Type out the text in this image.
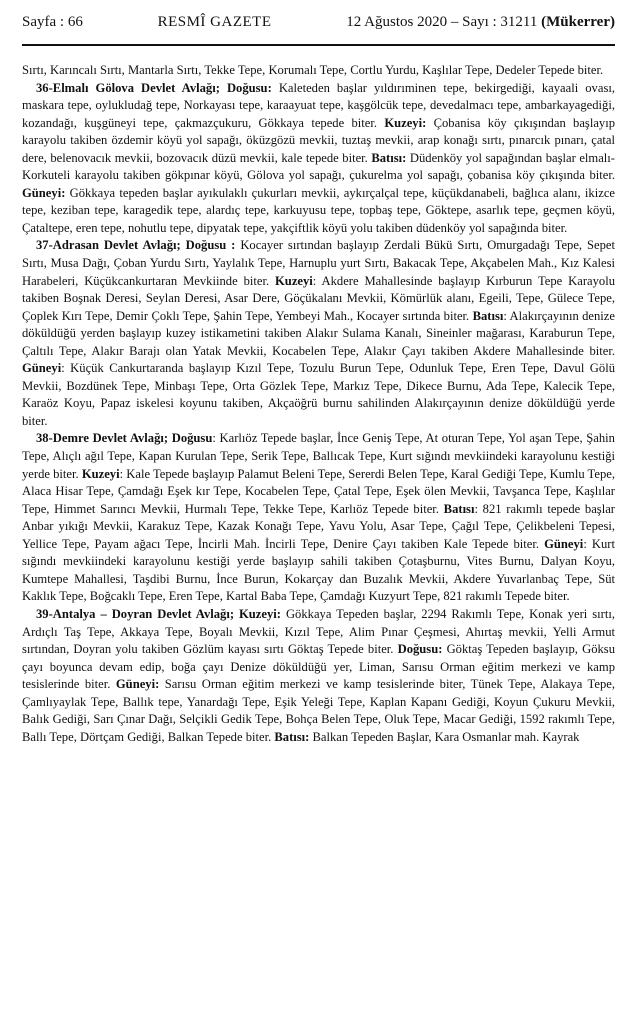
Sayfa : 66	RESMÎ GAZETE	12 Ağustos 2020 – Sayı : 31211 (Mükerrer)

Sırtı, Karıncalı Sırtı, Mantarla Sırtı, Tekke Tepe, Korumalı Tepe, Cortlu Yurdu, Kaşlılar Tepe, Dedeler Tepede biter.

36-Elmalı Gölova Devlet Avlağı; Doğusu: Kaleteden başlar yıldırıminen tepe, bekirgediği, kayaali ovası, maskara tepe, oylukludağ tepe, Norkayası tepe, karaayuat tepe, kaşgölcük tepe, devedalmacı tepe, ambarkayagediği, kozandağı, kuşgüneyi tepe, çakmazçukuru, Gökkaya tepede biter. Kuzeyi: Çobanisa köy çıkışından başlayıp karayolu takiben özdemir köyü yol sapağı, öküzgözü mevkii, tuztaş mevkii, arap konağı sırtı, pınarcık pınarı, çatal dere, belenovacık mevkii, bozovacık düzü mevkii, kale tepede biter. Batısı: Düdenköy yol sapağından başlar elmalı- Korkuteli karayolu takiben gökpınar köyü, Gölova yol sapağı, çukurelma yol sapağı, çobanisa köy çıkışında biter. Güneyi: Gökkaya tepeden başlar ayıkulaklı çukurları mevkii, aykırçalçal tepe, küçükdanabeli, bağlıca alanı, ikizce tepe, keziban tepe, karagedik tepe, alardıç tepe, karkuyusu tepe, topbaş tepe, Göktepe, asarlık tepe, geçmen köyü, Çataltepe, eren tepe, nohutlu tepe, dipyatak tepe, yakçiftlik köyü yolu takiben düdenköy yol sapağında biter.

37-Adrasan Devlet Avlağı; Doğusu : Kocayer sırtından başlayıp Zerdali Bükü Sırtı, Omurgadağı Tepe, Sepet Sırtı, Musa Dağı, Çoban Yurdu Sırtı, Yaylalık Tepe, Harnuplu yurt Sırtı, Bakacak Tepe, Akçabelen Mah., Kız Kalesi Harabeleri, Küçükcankurtaran Mevkiinde biter. Kuzeyi: Akdere Mahallesinde başlayıp Kırburun Tepe Karayolu takiben Boşnak Deresi, Seylan Deresi, Asar Dere, Göçükalanı Mevkii, Kömürlük alanı, Egeili, Tepe, Gülece Tepe, Çoplek Kırı Tepe, Demir Çoklı Tepe, Şahin Tepe, Yembeyi Mah., Kocayer sırtında biter. Batısı: Alakırçayının denize döküldüğü yerden başlayıp kuzey istikametini takiben Alakır Sulama Kanalı, Sineinler mağarası, Karaburun Tepe, Çaltılı Tepe, Alakır Barajı olan Yatak Mevkii, Kocabelen Tepe, Alakır Çayı takiben Akdere Mahallesinde biter. Güneyi: Küçük Cankurtaranda başlayıp Kızıl Tepe, Tozulu Burun Tepe, Odunluk Tepe, Eren Tepe, Davul Gölü Mevkii, Bozdünek Tepe, Minbaşı Tepe, Orta Gözlek Tepe, Markız Tepe, Dikece Burnu, Ada Tepe, Kalecik Tepe, Karaöz Koyu, Papaz iskelesi koyunu takiben, Akçaöğrü burnu sahilinden Alakırçayının denize döküldüğü yerde biter.

38-Demre Devlet Avlağı; Doğusu: Karlıöz Tepede başlar, İnce Geniş Tepe, At oturan Tepe, Yol aşan Tepe, Şahin Tepe, Alıçlı ağıl Tepe, Kapan Kurulan Tepe, Serik Tepe, Ballıcak Tepe, Kurt sığındı mevkiindeki karayolunu kestiği yerde biter. Kuzeyi: Kale Tepede başlayıp Palamut Beleni Tepe, Sererdi Belen Tepe, Karal Gediği Tepe, Kumlu Tepe, Alaca Hisar Tepe, Çamdağı Eşek kır Tepe, Kocabelen Tepe, Çatal Tepe, Eşek ölen Mevkii, Tavşanca Tepe, Kaşlılar Tepe, Himmet Sarıncı Mevkii, Hurmalı Tepe, Tekke Tepe, Karlıöz Tepede biter. Batısı: 821 rakımlı tepede başlar Anbar yıkığı Mevkii, Karakuz Tepe, Kazak Konağı Tepe, Yavu Yolu, Asar Tepe, Çağıl Tepe, Çelikbeleni Tepesi, Yellice Tepe, Payam ağacı Tepe, İncirli Mah. İncirli Tepe, Denire Çayı takiben Kale Tepede biter. Güneyi: Kurt sığındı mevkiindeki karayolunu kestiği yerde başlayıp sahili takiben Çotaşburnu, Vites Burnu, Dalyan Koyu, Kumtepe Mahallesi, Taşdibi Burnu, İnce Burun, Kokarçay dan Buzalık Mevkii, Akdere Yuvarlanbaç Tepe, Süt Kaklık Tepe, Boğcaklı Tepe, Eren Tepe, Kartal Baba Tepe, Çamdağı Kuzyurt Tepe, 821 rakımlı Tepede biter.

39-Antalya – Doyran Devlet Avlağı; Kuzeyi: Gökkaya Tepeden başlar, 2294 Rakımlı Tepe, Konak yeri sırtı, Ardıçlı Taş Tepe, Akkaya Tepe, Boyalı Mevkii, Kızıl Tepe, Alim Pınar Çeşmesi, Ahırtaş mevkii, Yelli Armut sırtından, Doyran yolu takiben Gözlüm kayası sırtı Göktaş Tepede biter. Doğusu: Göktaş Tepeden başlayıp, Göksu çayı boyunca devam edip, boğa çayı Denize döküldüğü yer, Liman, Sarısu Orman eğitim merkezi ve kamp tesislerinde biter. Güneyi: Sarısu Orman eğitim merkezi ve kamp tesislerinde biter, Tünek Tepe, Alakaya Tepe, Çamlıyaylak Tepe, Ballık tepe, Yanardağı Tepe, Eşik Yeleği Tepe, Kaplan Kapanı Gediği, Koyun Çukuru Mevkii, Balık Gediği, Sarı Çınar Dağı, Selçikli Gedik Tepe, Bohça Belen Tepe, Oluk Tepe, Macar Gediği, 1592 rakımlı Tepe, Ballı Tepe, Dörtçam Gediği, Balkan Tepede biter. Batısı: Balkan Tepeden Başlar, Kara Osmanlar mah. Kayrak
